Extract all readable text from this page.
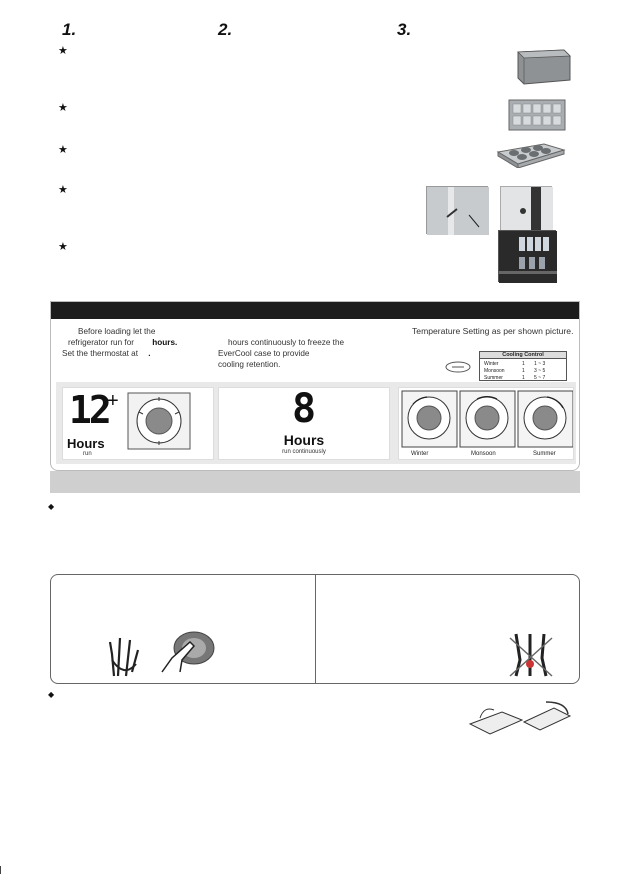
★
★
★
★
★
1.
Before loading let the
refrigerator run for hours.
Set the thermostat at .
2.
hours continuously to freeze the
EverCool case to provide
cooling retention.
3.
Temperature Setting as per shown picture.
Cooling Control
Winter	1 1 ~ 3
Monsoon	1 3 ~ 5
Summer	1 5 ~ 7
12
+
Hours
run
8
Hours
run continuously	Winter	Monsoon	Summer
◆
◆
